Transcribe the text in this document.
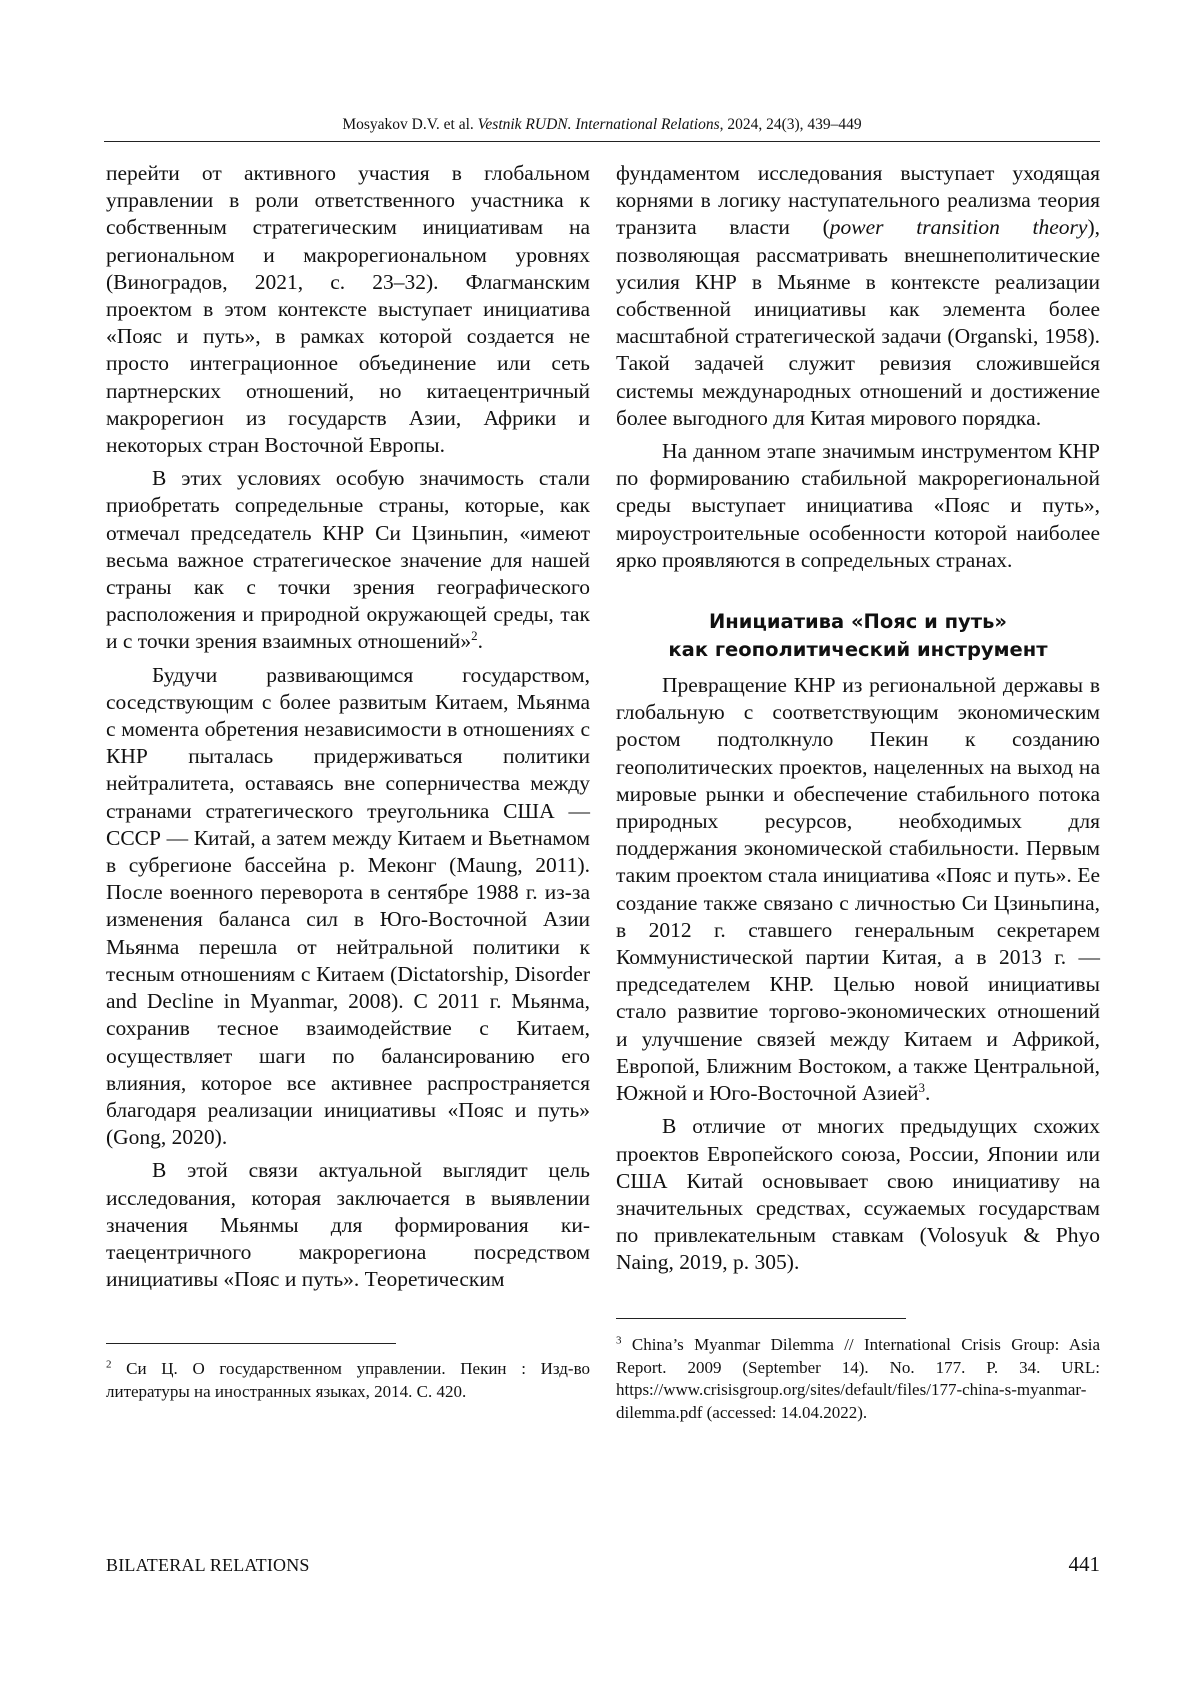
Mosyakov D.V. et al. Vestnik RUDN. International Relations, 2024, 24(3), 439–449

перейти от активного участия в глобальном управлении в роли ответственного участника к собственным стратегическим инициативам на региональном и макрорегиональном уровнях (Виноградов, 2021, с. 23–32). Флагманским проектом в этом контексте выступает инициатива «Пояс и путь», в рамках которой создается не просто интеграционное объединение или сеть партнерских отношений, но китаецентричный макрорегион из государств Азии, Африки и некоторых стран Восточной Европы.

В этих условиях особую значимость стали приобретать сопредельные страны, которые, как отмечал председатель КНР Си Цзиньпин, «имеют весьма важное стратегическое значение для нашей страны как с точки зрения географического расположения и природной окружающей среды, так и с точки зрения взаимных отношений»$^2$.

Будучи развивающимся государством, соседствующим с более развитым Китаем, Мьянма с момента обретения независимости в отношениях с КНР пыталась придерживаться политики нейтралитета, оставаясь вне соперничества между странами стратегического треугольника США — СССР — Китай, а затем между Китаем и Вьетнамом в субрегионе бассейна р. Меконг (Maung, 2011). После военного переворота в сентябре 1988 г. из-за изменения баланса сил в Юго-Восточной Азии Мьянма перешла от нейтральной политики к тесным отношениям с Китаем (Dictatorship, Disorder and Decline in Myanmar, 2008). С 2011 г. Мьянма, сохранив тесное взаимодействие с Китаем, осуществляет шаги по балансированию его влияния, которое все активнее распространяется благодаря реализации инициативы «Пояс и путь» (Gong, 2020).

В этой связи актуальной выглядит цель исследования, которая заключается в выявлении значения Мьянмы для формирования китаецентричного макрорегиона посредством инициативы «Пояс и путь». Теоретическим

фундаментом исследования выступает уходящая корнями в логику наступательного реализма теория транзита власти (power transition theory), позволяющая рассматривать внешнеполитические усилия КНР в Мьянме в контексте реализации собственной инициативы как элемента более масштабной стратегической задачи (Organski, 1958). Такой задачей служит ревизия сложившейся системы международных отношений и достижение более выгодного для Китая мирового порядка.

На данном этапе значимым инструментом КНР по формированию стабильной макрорегиональной среды выступает инициатива «Пояс и путь», мироустроительные особенности которой наиболее ярко проявляются в сопредельных странах.

Инициатива «Пояс и путь»
как геополитический инструмент

Превращение КНР из региональной державы в глобальную с соответствующим экономическим ростом подтолкнуло Пекин к созданию геополитических проектов, нацеленных на выход на мировые рынки и обеспечение стабильного потока природных ресурсов, необходимых для поддержания экономической стабильности. Первым таким проектом стала инициатива «Пояс и путь». Ее создание также связано с личностью Си Цзиньпина, в 2012 г. ставшего генеральным секретарем Коммунистической партии Китая, а в 2013 г. — председателем КНР. Целью новой инициативы стало развитие торгово-экономических отношений и улучшение связей между Китаем и Африкой, Европой, Ближним Востоком, а также Центральной, Южной и Юго-Восточной Азией$^3$.

В отличие от многих предыдущих схожих проектов Европейского союза, России, Японии или США Китай основывает свою инициативу на значительных средствах, ссужаемых государствам по привлекательным ставкам (Volosyuk & Phyo Naing, 2019, p. 305).

$^2$ Си Ц. О государственном управлении. Пекин : Изд-во литературы на иностранных языках, 2014. С. 420.
$^3$ China’s Myanmar Dilemma // International Crisis Group: Asia Report. 2009 (September 14). No. 177. P. 34. URL: https://www.crisisgroup.org/sites/default/files/177-china-s-myanmar-dilemma.pdf (accessed: 14.04.2022).
BILATERAL RELATIONS	441
